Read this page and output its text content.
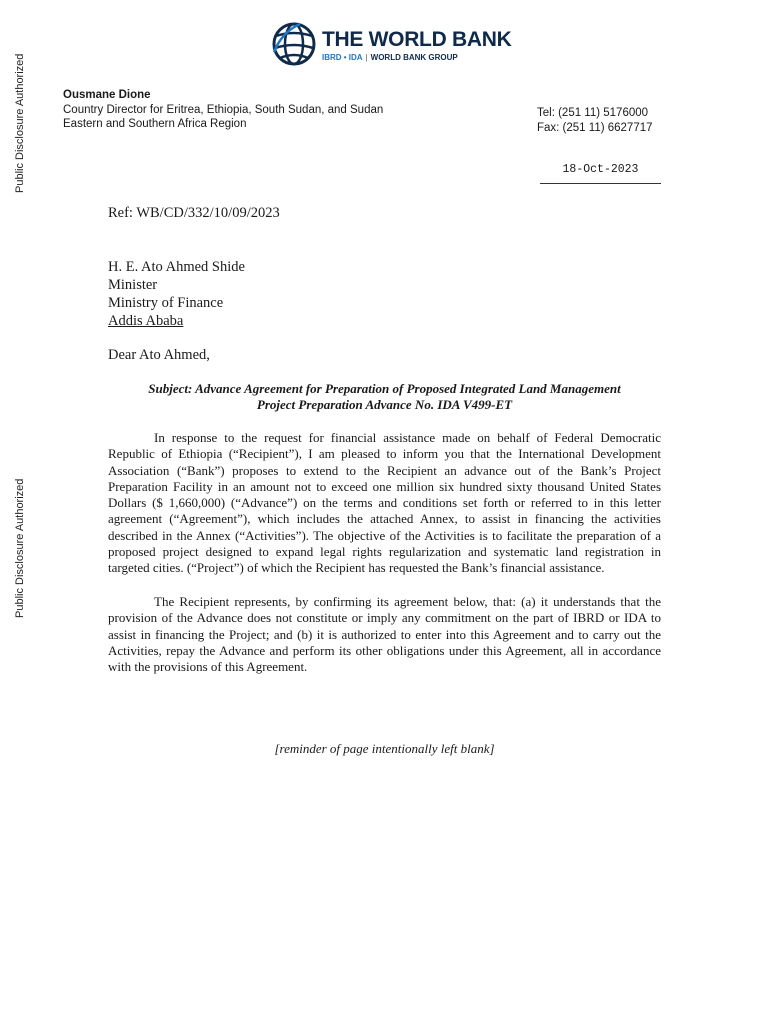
Public Disclosure Authorized
Public Disclosure Authorized
THE WORLD BANK
IBRD • IDA | WORLD BANK GROUP
Ousmane Dione
Country Director for Eritrea, Ethiopia, South Sudan, and Sudan
Eastern and Southern Africa Region
Tel: (251 11) 5176000
Fax: (251 11) 6627717
18-Oct-2023
Ref: WB/CD/332/10/09/2023
H. E. Ato Ahmed Shide
Minister
Ministry of Finance
Addis Ababa
Dear Ato Ahmed,
Subject: Advance Agreement for Preparation of Proposed Integrated Land Management
Project Preparation Advance No. IDA V499-ET

In response to the request for financial assistance made on behalf of Federal Democratic Republic of Ethiopia (“Recipient”), I am pleased to inform you that the International Development Association (“Bank”) proposes to extend to the Recipient an advance out of the Bank’s Project Preparation Facility in an amount not to exceed one million six hundred sixty thousand United States Dollars ($ 1,660,000) (“Advance”) on the terms and conditions set forth or referred to in this letter agreement (“Agreement”), which includes the attached Annex, to assist in financing the activities described in the Annex (“Activities”). The objective of the Activities is to facilitate the preparation of a proposed project designed to expand legal rights regularization and systematic land registration in targeted cities. (“Project”) of which the Recipient has requested the Bank’s financial assistance.

The Recipient represents, by confirming its agreement below, that: (a) it understands that the provision of the Advance does not constitute or imply any commitment on the part of IBRD or IDA to assist in financing the Project; and (b) it is authorized to enter into this Agreement and to carry out the Activities, repay the Advance and perform its other obligations under this Agreement, all in accordance with the provisions of this Agreement.

[reminder of page intentionally left blank]
